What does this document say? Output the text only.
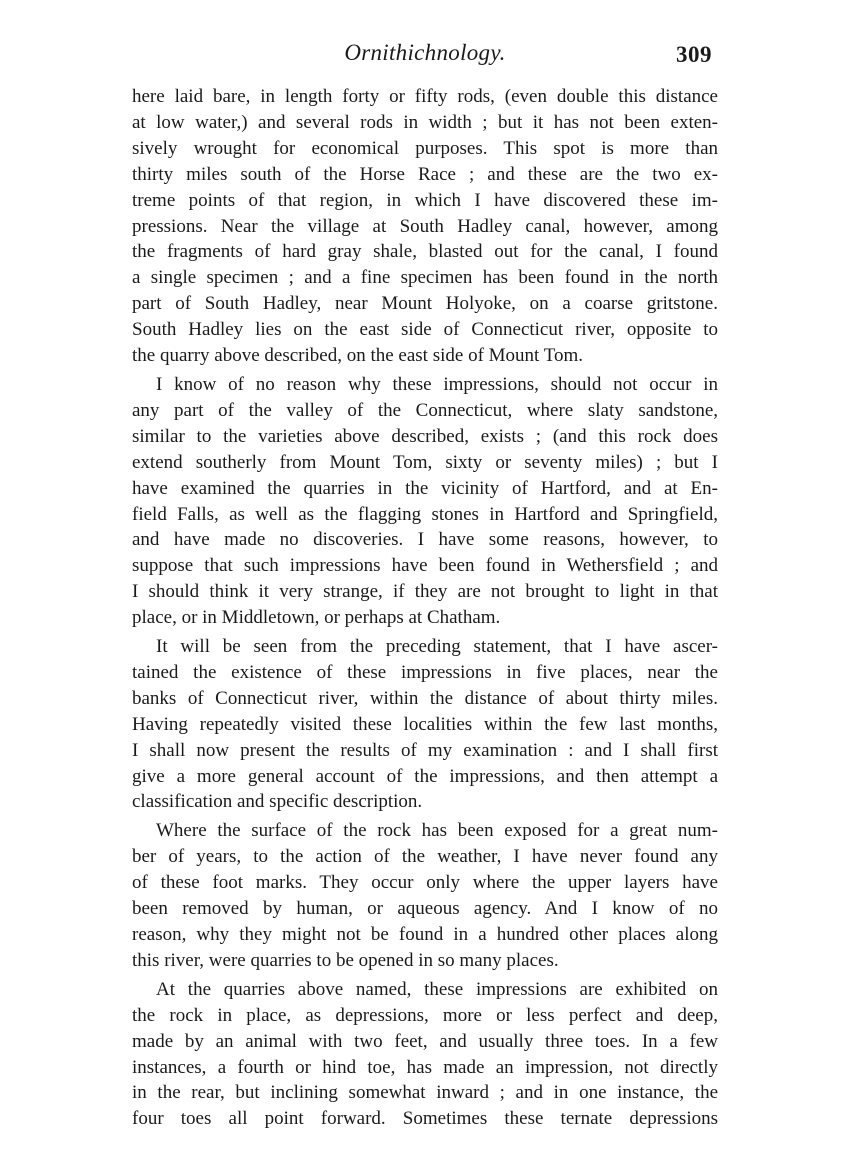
Ornithichnology.	309

here laid bare, in length forty or fifty rods, (even double this distance
at low water,) and several rods in width ; but it has not been exten-
sively wrought for economical purposes. This spot is more than
thirty miles south of the Horse Race ; and these are the two ex-
treme points of that region, in which I have discovered these im-
pressions. Near the village at South Hadley canal, however, among
the fragments of hard gray shale, blasted out for the canal, I found
a single specimen ; and a fine specimen has been found in the north
part of South Hadley, near Mount Holyoke, on a coarse gritstone.
South Hadley lies on the east side of Connecticut river, opposite to
the quarry above described, on the east side of Mount Tom.

I know of no reason why these impressions, should not occur in
any part of the valley of the Connecticut, where slaty sandstone,
similar to the varieties above described, exists ; (and this rock does
extend southerly from Mount Tom, sixty or seventy miles) ; but I
have examined the quarries in the vicinity of Hartford, and at En-
field Falls, as well as the flagging stones in Hartford and Springfield,
and have made no discoveries. I have some reasons, however, to
suppose that such impressions have been found in Wethersfield ; and
I should think it very strange, if they are not brought to light in that
place, or in Middletown, or perhaps at Chatham.

It will be seen from the preceding statement, that I have ascer-
tained the existence of these impressions in five places, near the
banks of Connecticut river, within the distance of about thirty miles.
Having repeatedly visited these localities within the few last months,
I shall now present the results of my examination : and I shall first
give a more general account of the impressions, and then attempt a
classification and specific description.

Where the surface of the rock has been exposed for a great num-
ber of years, to the action of the weather, I have never found any
of these foot marks. They occur only where the upper layers have
been removed by human, or aqueous agency. And I know of no
reason, why they might not be found in a hundred other places along
this river, were quarries to be opened in so many places.

At the quarries above named, these impressions are exhibited on
the rock in place, as depressions, more or less perfect and deep,
made by an animal with two feet, and usually three toes. In a few
instances, a fourth or hind toe, has made an impression, not directly
in the rear, but inclining somewhat inward ; and in one instance, the
four toes all point forward. Sometimes these ternate depressions
